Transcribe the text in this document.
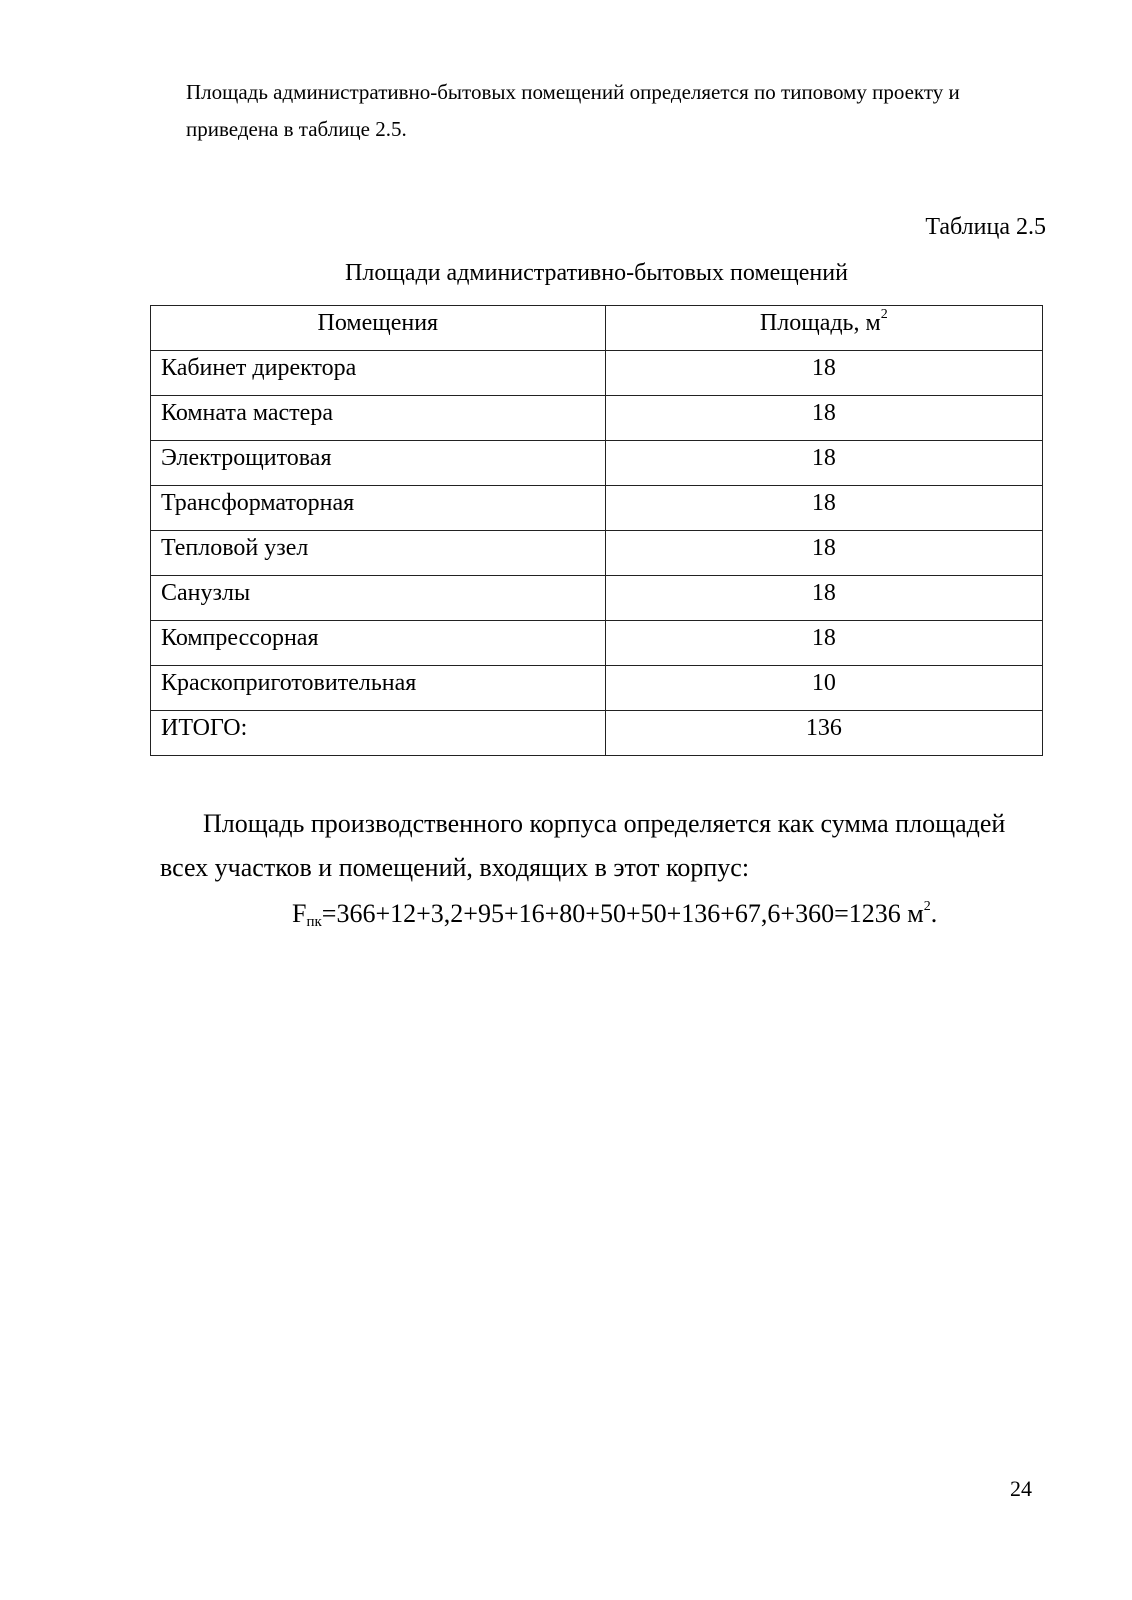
Площадь административно-бытовых помещений определяется по типовому проекту и
приведена в таблице 2.5.
Таблица 2.5
Площади административно-бытовых помещений
Помещения	Площадь, $м^2$
Кабинет директора	18
Комната мастера	18
Электрощитовая	18
Трансформаторная	18
Тепловой узел	18
Санузлы	18
Компрессорная	18
Краскоприготовительная	10
ИТОГО:	136
Площадь производственного корпуса определяется как сумма площадей всех участков и помещений, входящих в этот корпус:
$F_{пк}=366+12+3,2+95+16+80+50+50+136+67,6+360=1236$ $м^2$.
24
